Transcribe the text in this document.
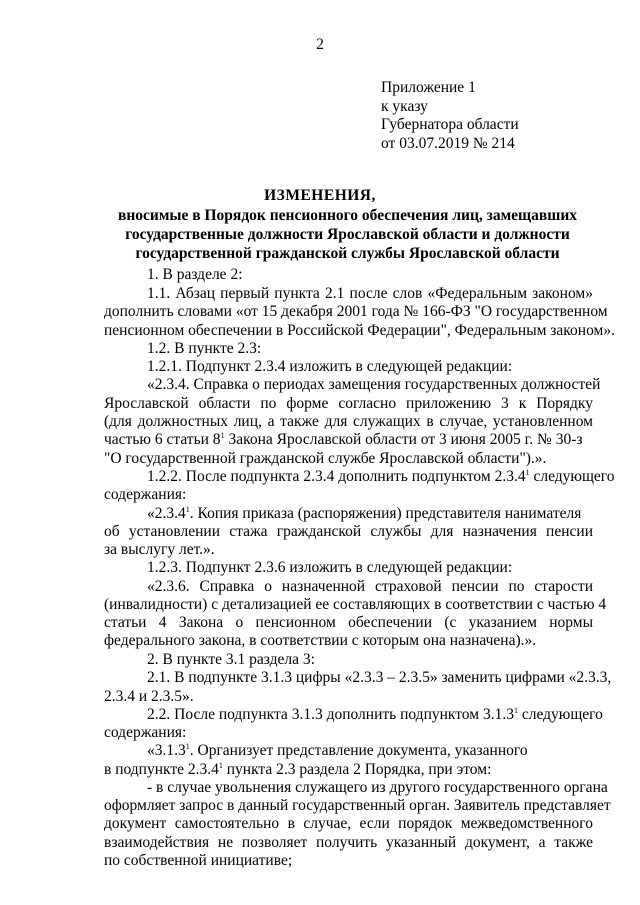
2
Приложение 1
к указу
Губернатора области
от 03.07.2019 № 214
ИЗМЕНЕНИЯ,
вносимые в Порядок пенсионного обеспечения лиц, замещавших
государственные должности Ярославской области и должности
государственной гражданской службы Ярославской области
1. В разделе 2:
1.1. Абзац первый пункта 2.1 после слов «Федеральным законом»
дополнить словами «от 15 декабря 2001 года № 166-ФЗ "О государственном
пенсионном обеспечении в Российской Федерации", Федеральным законом».
1.2. В пункте 2.3:
1.2.1. Подпункт 2.3.4 изложить в следующей редакции:
«2.3.4. Справка о периодах замещения государственных должностей
Ярославской области по форме согласно приложению 3 к Порядку
(для должностных лиц, а также для служащих в случае, установленном
частью 6 статьи $8^1$ Закона Ярославской области от 3 июня 2005 г. № 30-з
"О государственной гражданской службе Ярославской области").».
1.2.2. После подпункта 2.3.4 дополнить подпунктом 2.3.4$^1$ следующего
содержания:
«2.3.4$^1$. Копия приказа (распоряжения) представителя нанимателя
об установлении стажа гражданской службы для назначения пенсии
за выслугу лет.».
1.2.3. Подпункт 2.3.6 изложить в следующей редакции:
«2.3.6. Справка о назначенной страховой пенсии по старости
(инвалидности) с детализацией ее составляющих в соответствии с частью 4
статьи 4 Закона о пенсионном обеспечении (с указанием нормы
федерального закона, в соответствии с которым она назначена).».
2. В пункте 3.1 раздела 3:
2.1. В подпункте 3.1.3 цифры «2.3.3 – 2.3.5» заменить цифрами «2.3.3,
2.3.4 и 2.3.5».
2.2. После подпункта 3.1.3 дополнить подпунктом 3.1.3$^1$ следующего
содержания:
«3.1.3$^1$. Организует представление документа, указанного
в подпункте 2.3.4$^1$ пункта 2.3 раздела 2 Порядка, при этом:
- в случае увольнения служащего из другого государственного органа
оформляет запрос в данный государственный орган. Заявитель представляет
документ самостоятельно в случае, если порядок межведомственного
взаимодействия не позволяет получить указанный документ, а также
по собственной инициативе;
